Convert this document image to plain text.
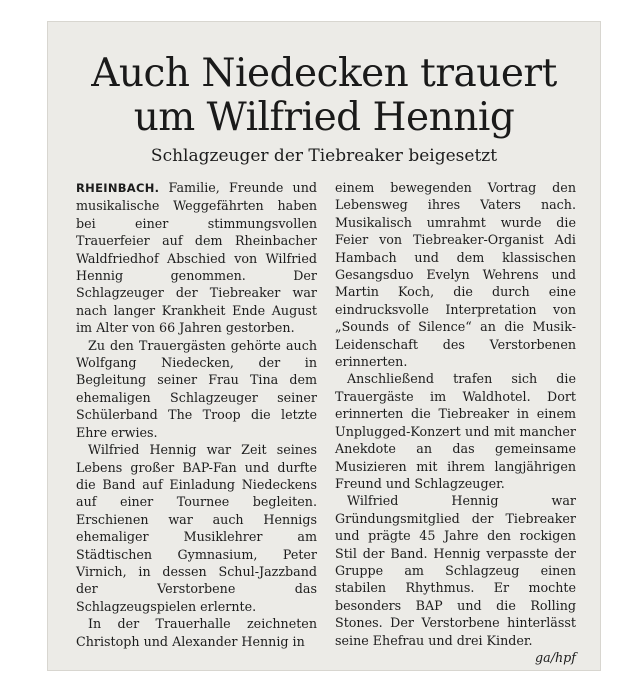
Auch Niedecken trauert
um Wilfried Hennig
Schlagzeuger der Tiebreaker beigesetzt

RHEINBACH. Familie, Freunde und musikalische Weggefährten haben bei einer stimmungsvollen Trauerfeier auf dem Rheinbacher Waldfriedhof Abschied von Wilfried Hennig genommen. Der Schlagzeuger der Tiebreaker war nach langer Krankheit Ende August im Alter von 66 Jahren gestorben.

Zu den Trauergästen gehörte auch Wolfgang Niedecken, der in Begleitung seiner Frau Tina dem ehemaligen Schlagzeuger seiner Schülerband The Troop die letzte Ehre erwies.

Wilfried Hennig war Zeit seines Lebens großer BAP-Fan und durfte die Band auf Einladung Niedeckens auf einer Tournee begleiten. Erschienen war auch Hennigs ehemaliger Musiklehrer am Städtischen Gymnasium, Peter Virnich, in dessen Schul-Jazzband der Verstorbene das Schlagzeugspielen erlernte.

In der Trauerhalle zeichneten Christoph und Alexander Hennig in

einem bewegenden Vortrag den Lebensweg ihres Vaters nach. Musikalisch umrahmt wurde die Feier von Tiebreaker-Organist Adi Hambach und dem klassischen Gesangsduo Evelyn Wehrens und Martin Koch, die durch eine eindrucksvolle Interpretation von „Sounds of Silence“ an die Musik-Leidenschaft des Verstorbenen erinnerten.

Anschließend trafen sich die Trauergäste im Waldhotel. Dort erinnerten die Tiebreaker in einem Unplugged-Konzert und mit mancher Anekdote an das gemeinsame Musizieren mit ihrem langjährigen Freund und Schlagzeuger.

Wilfried Hennig war Gründungsmitglied der Tiebreaker und prägte 45 Jahre den rockigen Stil der Band. Hennig verpasste der Gruppe am Schlagzeug einen stabilen Rhythmus. Er mochte besonders BAP und die Rolling Stones. Der Verstorbene hinterlässt seine Ehefrau und drei Kinder.
ga/hpf
